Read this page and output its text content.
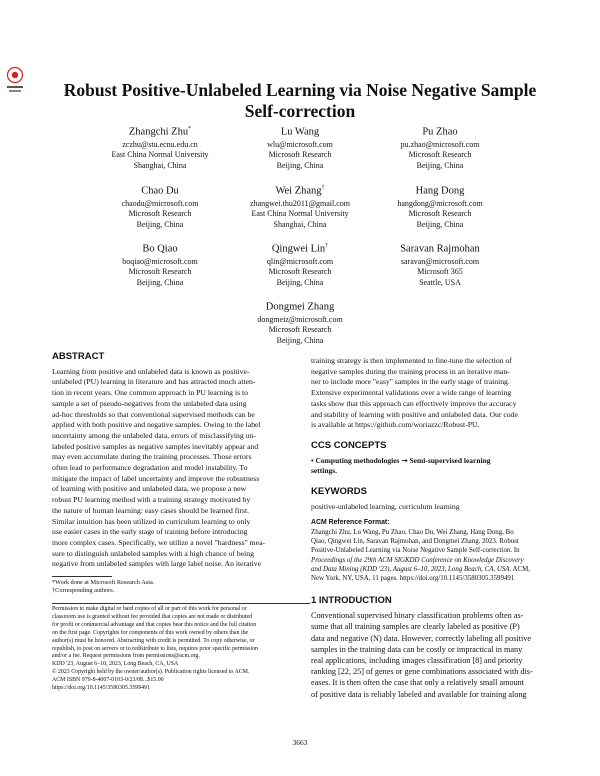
Robust Positive-Unlabeled Learning via Noise Negative Sample
Self-correction
Zhangchi Zhu*
zczhu@stu.ecnu.edu.cn
East China Normal University
Shanghai, China
Lu Wang
wlu@microsoft.com
Microsoft Research
Beijing, China
Pu Zhao
pu.zhao@microsoft.com
Microsoft Research
Beijing, China
Chao Du
chaodu@microsoft.com
Microsoft Research
Beijing, China
Wei Zhang†
zhangwei.thu2011@gmail.com
East China Normal University
Shanghai, China
Hang Dong
hangdong@microsoft.com
Microsoft Research
Beijing, China
Bo Qiao
boqiao@microsoft.com
Microsoft Research
Beijing, China
Qingwei Lin†
qlin@microsoft.com
Microsoft Research
Beijing, China
Saravan Rajmohan
saravan@microsoft.com
Microsoft 365
Seattle, USA
Dongmei Zhang
dongmeiz@microsoft.com
Microsoft Research
Beijing, China
ABSTRACT
Learning from positive and unlabeled data is known as positive-
unlabeled (PU) learning in literature and has attracted much atten-
tion in recent years. One common approach in PU learning is to
sample a set of pseudo-negatives from the unlabeled data using
ad-hoc thresholds so that conventional supervised methods can be
applied with both positive and negative samples. Owing to the label
uncertainty among the unlabeled data, errors of misclassifying un-
labeled positive samples as negative samples inevitably appear and
may even accumulate during the training processes. Those errors
often lead to performance degradation and model instability. To
mitigate the impact of label uncertainty and improve the robustness
of learning with positive and unlabeled data, we propose a new
robust PU learning method with a training strategy motivated by
the nature of human learning: easy cases should be learned first.
Similar intuition has been utilized in curriculum learning to only
use easier cases in the early stage of training before introducing
more complex cases. Specifically, we utilize a novel "hardness" mea-
sure to distinguish unlabeled samples with a high chance of being
negative from unlabeled samples with large label noise. An iterative
*Work done at Microsoft Research Asia.
†Corresponding authors.
Permission to make digital or hard copies of all or part of this work for personal or
classroom use is granted without fee provided that copies are not made or distributed
for profit or commercial advantage and that copies bear this notice and the full citation
on the first page. Copyrights for components of this work owned by others than the
author(s) must be honored. Abstracting with credit is permitted. To copy otherwise, or
republish, to post on servers or to redistribute to lists, requires prior specific permission
and/or a fee. Request permissions from permissions@acm.org.
KDD '23, August 6–10, 2023, Long Beach, CA, USA
© 2023 Copyright held by the owner/author(s). Publication rights licensed to ACM.
ACM ISBN 979-8-4007-0103-0/23/08...$15.00
https://doi.org/10.1145/3580305.3599491
training strategy is then implemented to fine-tune the selection of
negative samples during the training process in an iterative man-
ner to include more "easy" samples in the early stage of training.
Extensive experimental validations over a wide range of learning
tasks show that this approach can effectively improve the accuracy
and stability of learning with positive and unlabeled data. Our code
is available at https://github.com/woriazzc/Robust-PU.
CCS CONCEPTS
• Computing methodologies → Semi-supervised learning
settings.
KEYWORDS
positive-unlabeled learning, curriculum learning
ACM Reference Format:
Zhangchi Zhu, Lu Wang, Pu Zhao, Chao Du, Wei Zhang, Hang Dong, Bo
Qiao, Qingwei Lin, Saravan Rajmohan, and Dongmei Zhang. 2023. Robust
Positive-Unlabeled Learning via Noise Negative Sample Self-correction. In
Proceedings of the 29th ACM SIGKDD Conference on Knowledge Discovery
and Data Mining (KDD '23), August 6–10, 2023, Long Beach, CA, USA. ACM,
New York, NY, USA, 11 pages. https://doi.org/10.1145/3580305.3599491
1 INTRODUCTION
Conventional supervised binary classification problems often as-
sume that all training samples are clearly labeled as positive (P)
data and negative (N) data. However, correctly labeling all positive
samples in the training data can be costly or impractical in many
real applications, including images classification [8] and priority
ranking [22, 25] of genes or gene combinations associated with dis-
eases. It is then often the case that only a relatively small amount
of positive data is reliably labeled and available for training along
3663
